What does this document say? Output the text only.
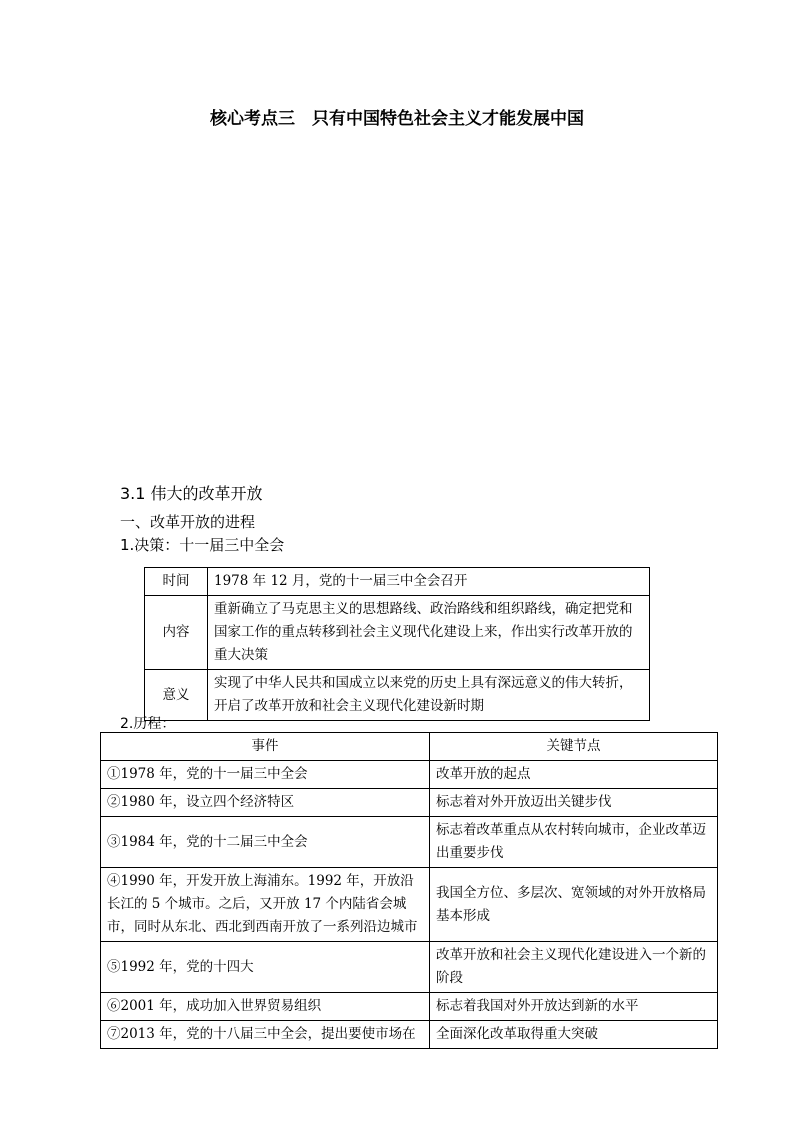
核心考点三　只有中国特色社会主义才能发展中国
3.1 伟大的改革开放
一、改革开放的进程
1.决策：十一届三中全会
时间	1978 年 12 月，党的十一届三中全会召开
内容	重新确立了马克思主义的思想路线、政治路线和组织路线，确定把党和国家工作的重点转移到社会主义现代化建设上来，作出实行改革开放的重大决策
意义	实现了中华人民共和国成立以来党的历史上具有深远意义的伟大转折，开启了改革开放和社会主义现代化建设新时期
2.历程：
事件	关键节点
①1978 年，党的十一届三中全会	改革开放的起点
②1980 年，设立四个经济特区	标志着对外开放迈出关键步伐
③1984 年，党的十二届三中全会	标志着改革重点从农村转向城市，企业改革迈出重要步伐
④1990 年，开发开放上海浦东。1992 年，开放沿长江的 5 个城市。之后，又开放 17 个内陆省会城市，同时从东北、西北到西南开放了一系列沿边城市	我国全方位、多层次、宽领域的对外开放格局基本形成
⑤1992 年，党的十四大	改革开放和社会主义现代化建设进入一个新的阶段
⑥2001 年，成功加入世界贸易组织	标志着我国对外开放达到新的水平
⑦2013 年，党的十八届三中全会，提出要使市场在	全面深化改革取得重大突破
